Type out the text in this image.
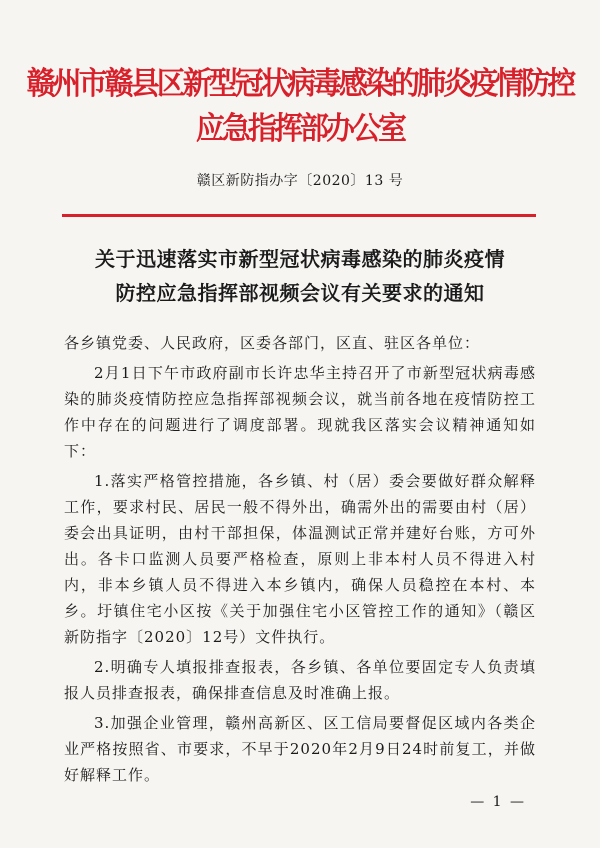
赣州市赣县区新型冠状病毒感染的肺炎疫情防控应急指挥部办公室
赣区新防指办字〔2020〕13 号
关于迅速落实市新型冠状病毒感染的肺炎疫情
防控应急指挥部视频会议有关要求的通知

各乡镇党委、人民政府，区委各部门，区直、驻区各单位：

2月1日下午市政府副市长许忠华主持召开了市新型冠状病毒感染的肺炎疫情防控应急指挥部视频会议，就当前各地在疫情防控工作中存在的问题进行了调度部署。现就我区落实会议精神通知如下：

1.落实严格管控措施，各乡镇、村（居）委会要做好群众解释工作，要求村民、居民一般不得外出，确需外出的需要由村（居）委会出具证明，由村干部担保，体温测试正常并建好台账，方可外出。各卡口监测人员要严格检查，原则上非本村人员不得进入村内，非本乡镇人员不得进入本乡镇内，确保人员稳控在本村、本乡。圩镇住宅小区按《关于加强住宅小区管控工作的通知》（赣区新防指字〔2020〕12号）文件执行。

2.明确专人填报排查报表，各乡镇、各单位要固定专人负责填报人员排查报表，确保排查信息及时准确上报。

3.加强企业管理，赣州高新区、区工信局要督促区域内各类企业严格按照省、市要求，不早于2020年2月9日24时前复工，并做好解释工作。

— 1 —
